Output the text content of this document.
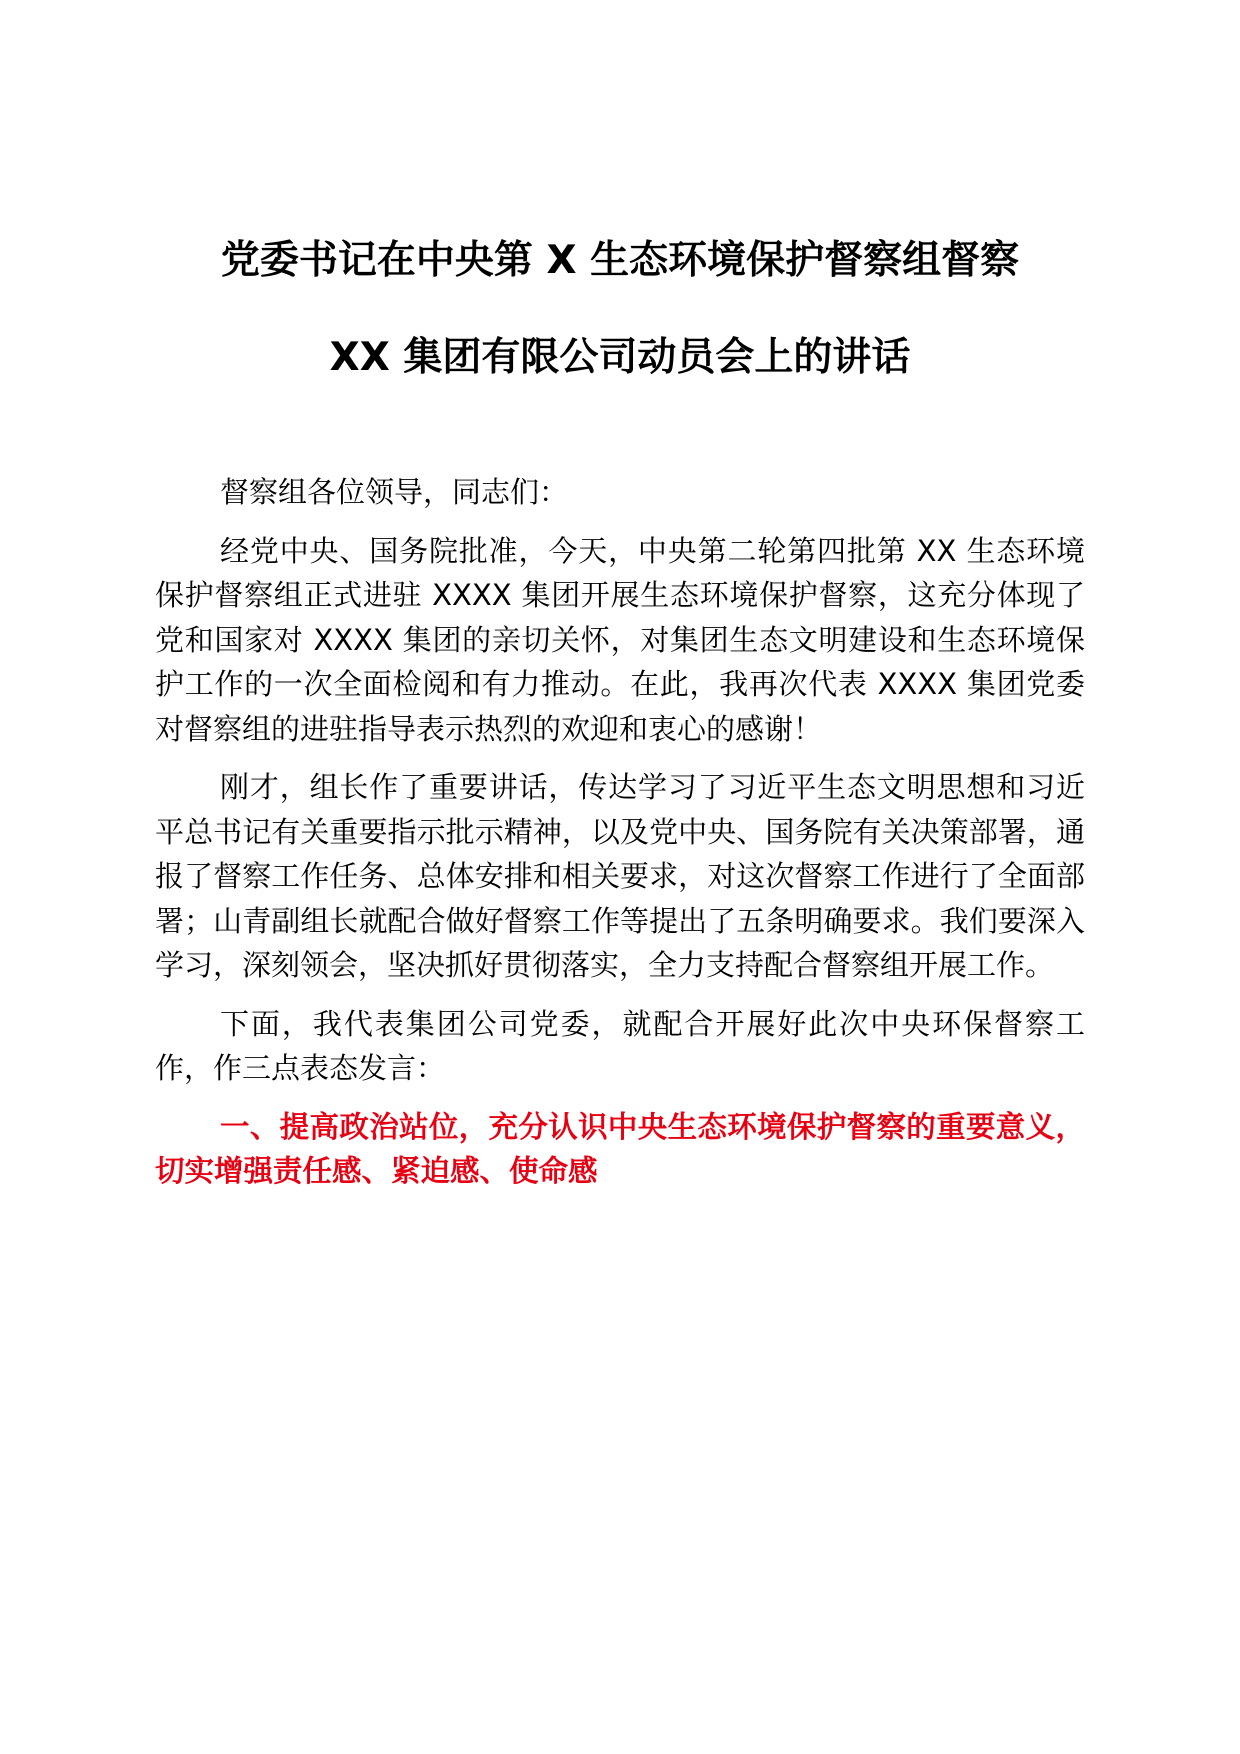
党委书记在中央第 X 生态环境保护督察组督察
XX 集团有限公司动员会上的讲话

督察组各位领导，同志们：

经党中央、国务院批准，今天，中央第二轮第四批第 XX 生态环境保护督察组正式进驻 XXXX 集团开展生态环境保护督察，这充分体现了党和国家对 XXXX 集团的亲切关怀，对集团生态文明建设和生态环境保护工作的一次全面检阅和有力推动。在此，我再次代表 XXXX 集团党委对督察组的进驻指导表示热烈的欢迎和衷心的感谢！

刚才，组长作了重要讲话，传达学习了习近平生态文明思想和习近平总书记有关重要指示批示精神，以及党中央、国务院有关决策部署，通报了督察工作任务、总体安排和相关要求，对这次督察工作进行了全面部署；山青副组长就配合做好督察工作等提出了五条明确要求。我们要深入学习，深刻领会，坚决抓好贯彻落实，全力支持配合督察组开展工作。

下面，我代表集团公司党委，就配合开展好此次中央环保督察工作，作三点表态发言：

一、提高政治站位，充分认识中央生态环境保护督察的重要意义，切实增强责任感、紧迫感、使命感
